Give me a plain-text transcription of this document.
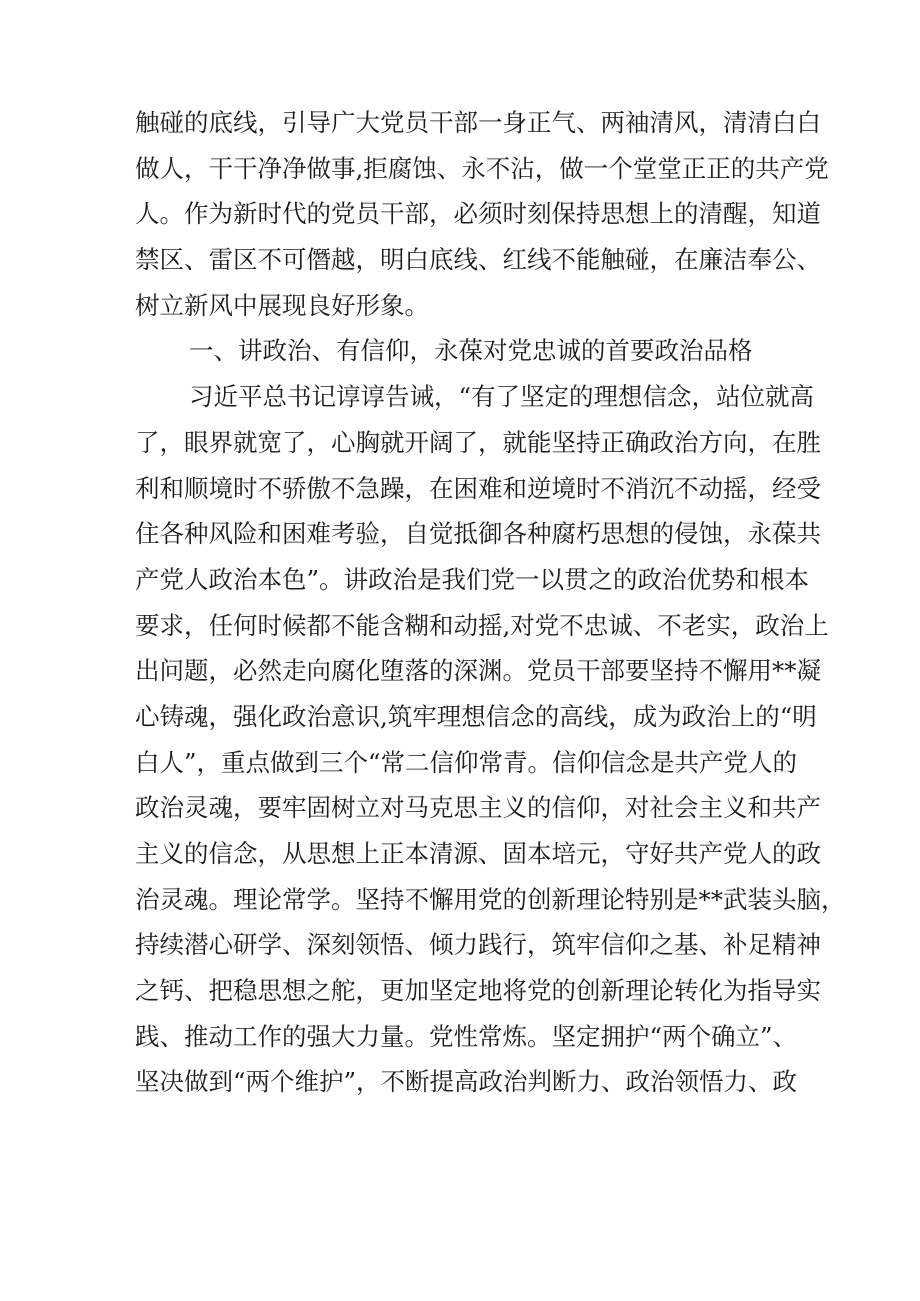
触碰的底线，引导广大党员干部一身正气、两袖清风，清清白白
做人，干干净净做事,拒腐蚀、永不沾，做一个堂堂正正的共产党
人。作为新时代的党员干部，必须时刻保持思想上的清醒，知道
禁区、雷区不可僭越，明白底线、红线不能触碰，在廉洁奉公、
树立新风中展现良好形象。
一、讲政治、有信仰，永葆对党忠诚的首要政治品格
习近平总书记谆谆告诫，“有了坚定的理想信念，站位就高
了，眼界就宽了，心胸就开阔了，就能坚持正确政治方向，在胜
利和顺境时不骄傲不急躁，在困难和逆境时不消沉不动摇，经受
住各种风险和困难考验，自觉抵御各种腐朽思想的侵蚀，永葆共
产党人政治本色”。讲政治是我们党一以贯之的政治优势和根本
要求，任何时候都不能含糊和动摇,对党不忠诚、不老实，政治上
出问题，必然走向腐化堕落的深渊。党员干部要坚持不懈用**凝
心铸魂，强化政治意识,筑牢理想信念的高线，成为政治上的“明
白人”，重点做到三个“常二信仰常青。信仰信念是共产党人的
政治灵魂，要牢固树立对马克思主义的信仰，对社会主义和共产
主义的信念，从思想上正本清源、固本培元，守好共产党人的政
治灵魂。理论常学。坚持不懈用党的创新理论特别是**武装头脑，
持续潜心研学、深刻领悟、倾力践行，筑牢信仰之基、补足精神
之钙、把稳思想之舵，更加坚定地将党的创新理论转化为指导实
践、推动工作的强大力量。党性常炼。坚定拥护“两个确立”、
坚决做到“两个维护”，不断提高政治判断力、政治领悟力、政
